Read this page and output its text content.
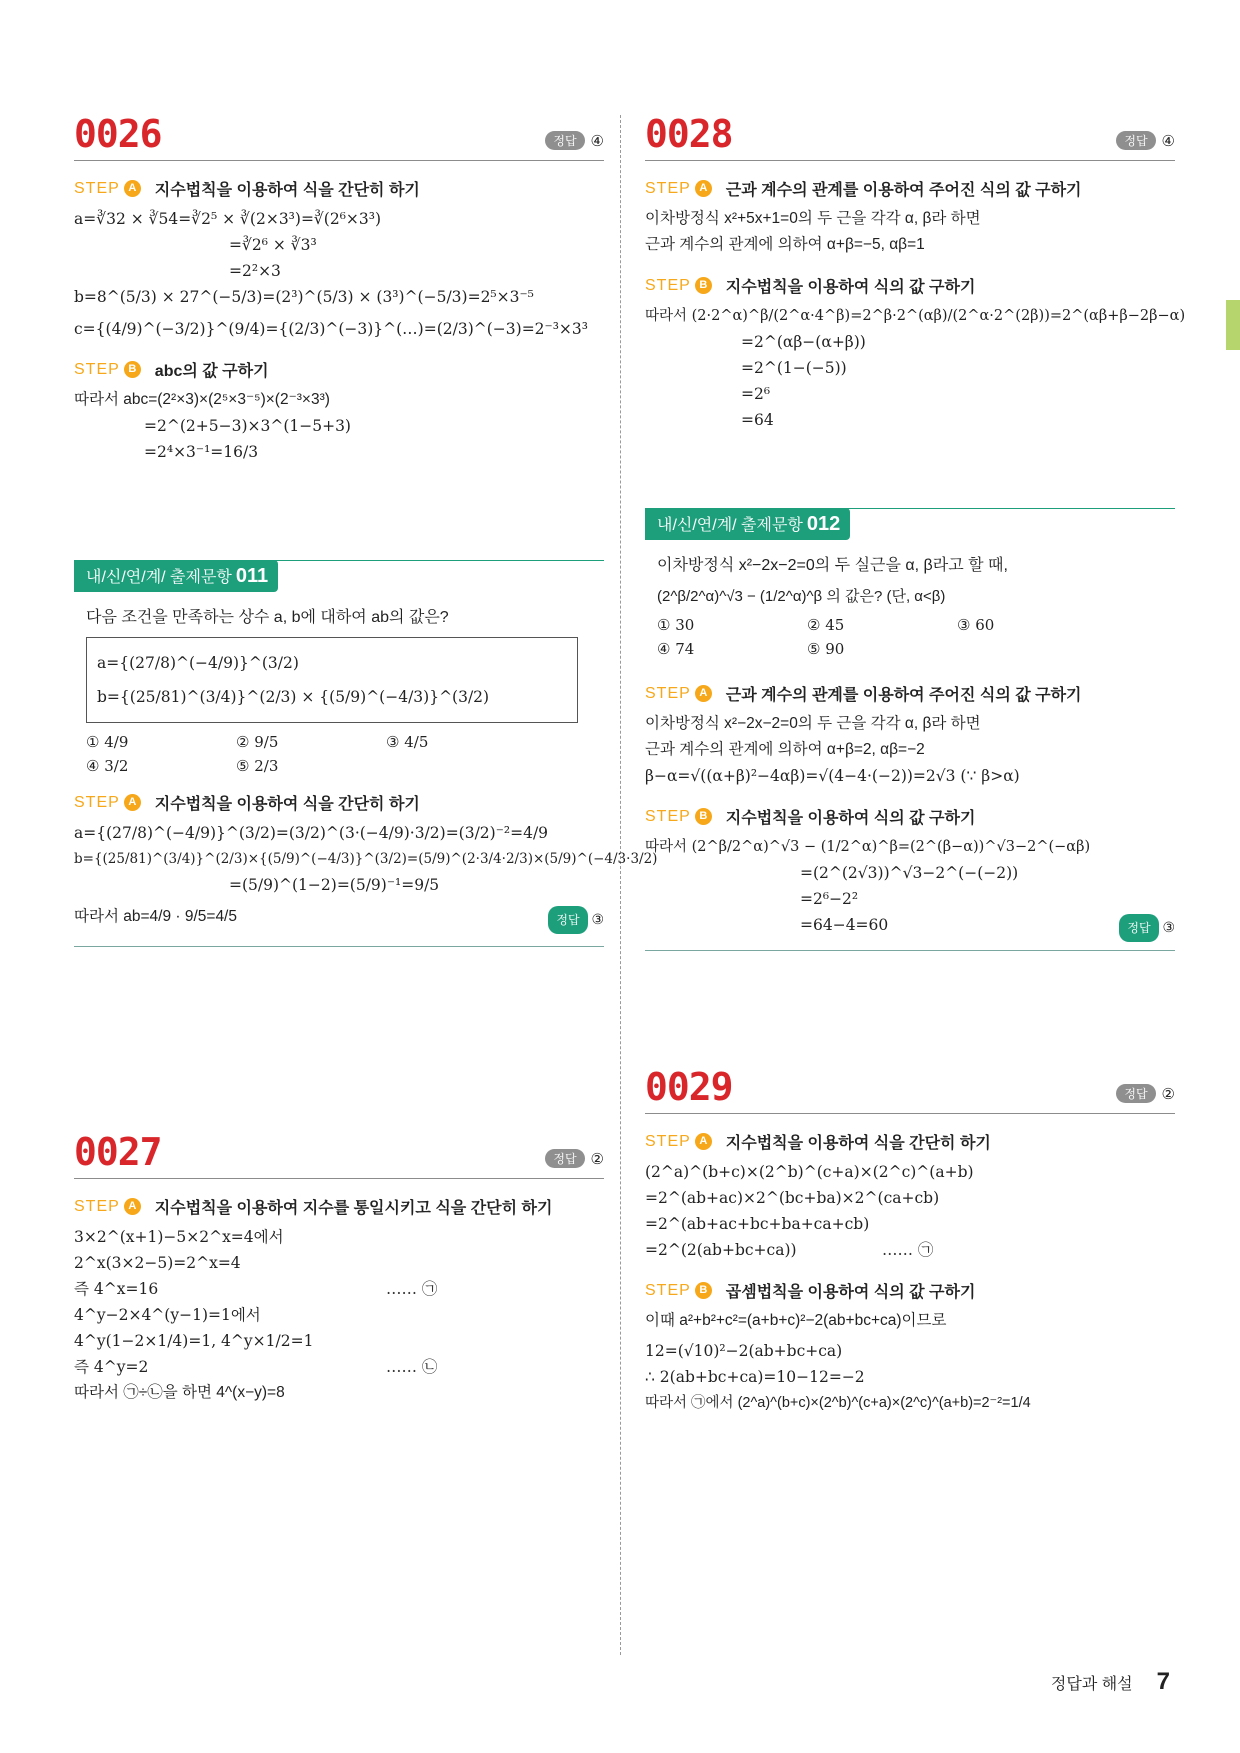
0026	정답 ④
STEP A 지수법칙을 이용하여 식을 간단히 하기
a=∛32 × ∛54=∛2⁵ × ∛(2×3³)=∛(2⁶×3³)
=∛2⁶ × ∛3³
=2²×3
b=8^(5/3) × 27^(−5/3)=(2³)^(5/3) × (3³)^(−5/3)=2⁵×3⁻⁵
c={(4/9)^(−3/2)}^(9/4)={(2/3)^(−3)}^(…)=(2/3)^(−3)=2⁻³×3³
STEP B abc의 값 구하기
따라서 abc=(2²×3)×(2⁵×3⁻⁵)×(2⁻³×3³)
=2^(2+5−3)×3^(1−5+3)
=2⁴×3⁻¹=16/3
내/신/연/계/ 출제문항 011
다음 조건을 만족하는 상수 a, b에 대하여 ab의 값은?
a={(27/8)^(−4/9)}^(3/2)
b={(25/81)^(3/4)}^(2/3) × {(5/9)^(−4/3)}^(3/2)
① 4/9	② 9/5	③ 4/5
④ 3/2	⑤ 2/3
STEP A 지수법칙을 이용하여 식을 간단히 하기
a={(27/8)^(−4/9)}^(3/2)=(3/2)^(3·(−4/9)·3/2)=(3/2)⁻²=4/9
b={(25/81)^(3/4)}^(2/3)×{(5/9)^(−4/3)}^(3/2)=(5/9)^(2·3/4·2/3)×(5/9)^(−4/3·3/2)
=(5/9)^(1−2)=(5/9)⁻¹=9/5
따라서 ab=4/9 · 9/5=4/5	정답 ③
0027	정답 ②
STEP A 지수법칙을 이용하여 지수를 통일시키고 식을 간단히 하기
3×2^(x+1)−5×2^x=4에서
2^x(3×2−5)=2^x=4
즉 4^x=16	…… ㉠
4^y−2×4^(y−1)=1에서
4^y(1−2×1/4)=1, 4^y×1/2=1
즉 4^y=2	…… ㉡
따라서 ㉠÷㉡을 하면 4^(x−y)=8
0028	정답 ④
STEP A 근과 계수의 관계를 이용하여 주어진 식의 값 구하기
이차방정식 x²+5x+1=0의 두 근을 각각 α, β라 하면
근과 계수의 관계에 의하여 α+β=−5, αβ=1
STEP B 지수법칙을 이용하여 식의 값 구하기
따라서 (2·2^α)^β/(2^α·4^β)=2^β·2^(αβ)/(2^α·2^(2β))=2^(αβ+β−2β−α)
=2^(αβ−(α+β))
=2^(1−(−5))
=2⁶
=64
내/신/연/계/ 출제문항 012
이차방정식 x²−2x−2=0의 두 실근을 α, β라고 할 때,
(2^β/2^α)^√3 − (1/2^α)^β 의 값은? (단, α<β)
① 30	② 45	③ 60
④ 74	⑤ 90
STEP A 근과 계수의 관계를 이용하여 주어진 식의 값 구하기
이차방정식 x²−2x−2=0의 두 근을 각각 α, β라 하면
근과 계수의 관계에 의하여 α+β=2, αβ=−2
β−α=√((α+β)²−4αβ)=√(4−4·(−2))=2√3 (∵ β>α)
STEP B 지수법칙을 이용하여 식의 값 구하기
따라서 (2^β/2^α)^√3 − (1/2^α)^β=(2^(β−α))^√3−2^(−αβ)
=(2^(2√3))^√3−2^(−(−2))
=2⁶−2²
=64−4=60	정답 ③
0029	정답 ②
STEP A 지수법칙을 이용하여 식을 간단히 하기
(2^a)^(b+c)×(2^b)^(c+a)×(2^c)^(a+b)
=2^(ab+ac)×2^(bc+ba)×2^(ca+cb)
=2^(ab+ac+bc+ba+ca+cb)
=2^(2(ab+bc+ca))	…… ㉠
STEP B 곱셈법칙을 이용하여 식의 값 구하기
이때 a²+b²+c²=(a+b+c)²−2(ab+bc+ca)이므로
12=(√10)²−2(ab+bc+ca)
∴ 2(ab+bc+ca)=10−12=−2
따라서 ㉠에서 (2^a)^(b+c)×(2^b)^(c+a)×(2^c)^(a+b)=2⁻²=1/4
정답과 해설 7
